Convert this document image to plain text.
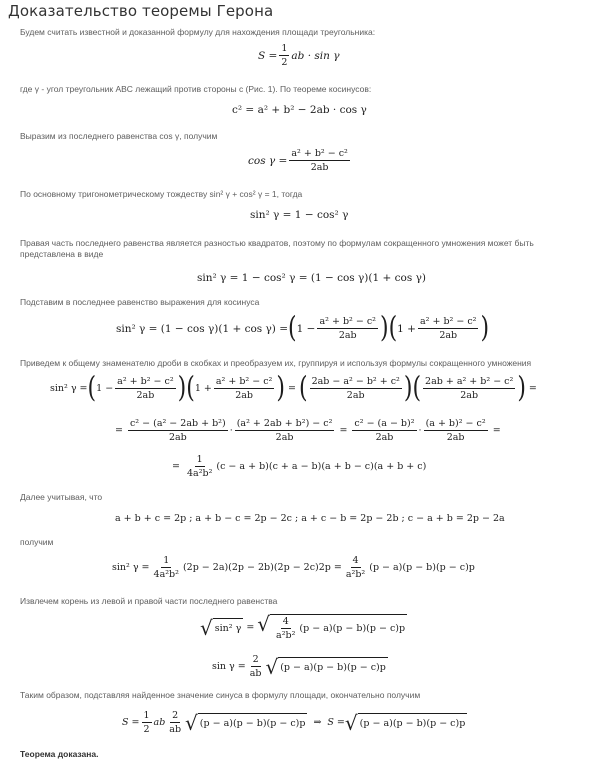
Доказательство теоремы Герона
Будем считать известной и доказанной формулу для нахождения площади треугольника:
$S = \frac{1}{2}$ ab · sin γ
где γ - угол треугольник ABC лежащий против стороны c (Рис. 1). По теореме косинусов:
c² = a² + b² − 2ab · cos γ
Выразим из последнего равенства cos γ, получим
$\cos \gamma = \frac{\text{a² + b² − c²}}{2ab}$
По основному тригонометрическому тождеству sin² γ + cos² γ = 1, тогда
sin² γ = 1 − cos² γ
Правая часть последнего равенства является разностью квадратов, поэтому по формулам сокращенного умножения может быть представлена в виде
sin² γ = 1 − cos² γ = (1 − cos γ)(1 + cos γ)
Подставим в последнее равенство выражения для косинуса
sin² γ = (1 − cos γ)(1 + cos γ) = ( $1 - \frac{\text{a² + b² − c²}}{2ab}$ ) ( $1 + \frac{\text{a² + b² − c²}}{2ab}$ )
Приведем к общему знаменателю дроби в скобках и преобразуем их, группируя и используя формулы сокращенного умножения
sin² γ = ( $1 - \frac{\text{a² + b² − c²}}{2ab}$ ) ( $1 + \frac{\text{a² + b² − c²}}{2ab}$ ) = ( $\frac{\text{2ab − a² − b² + c²}}{2ab}$ ) ( $\frac{\text{2ab + a² + b² − c²}}{2ab}$ ) =
= $\frac{\text{c² − (a² − 2ab + b²)}}{2ab} \cdot \frac{\text{(a² + 2ab + b²) − c²}}{2ab} = \frac{\text{c² − (a − b)²}}{2ab} \cdot \frac{\text{(a + b)² − c²}}{2ab}$ =
= $\frac{1}{\text{4a²b²}} (c - a + b)(c + a - b)(a + b - c)(a + b + c)$
Далее учитывая, что
a + b + c = 2p ; a + b − c = 2p − 2c ; a + c − b = 2p − 2b ; c − a + b = 2p − 2a
получим
sin² $\gamma = \frac{1}{\text{4a²b²}} (2p - 2a)(2p - 2b)(2p - 2c)2p = \frac{4}{\text{a²b²}} (p - a)(p - b)(p - c)p$
Извлечем корень из левой и правой части последнего равенства
√ sin² γ = √ $\frac{4}{\text{a²b²}} (p - a)(p - b)(p - c)p$
$\sin \gamma = \frac{2}{ab}$ √ (p − a)(p − b)(p − c)p
Таким образом, подставляя найденное значение синуса в формулу площади, окончательно получим
$S = \frac{1}{2}$ ab $\frac{2}{ab}$ √ (p − a)(p − b)(p − c)p ⇒ S = √ (p − a)(p − b)(p − c)p
Теорема доказана.
